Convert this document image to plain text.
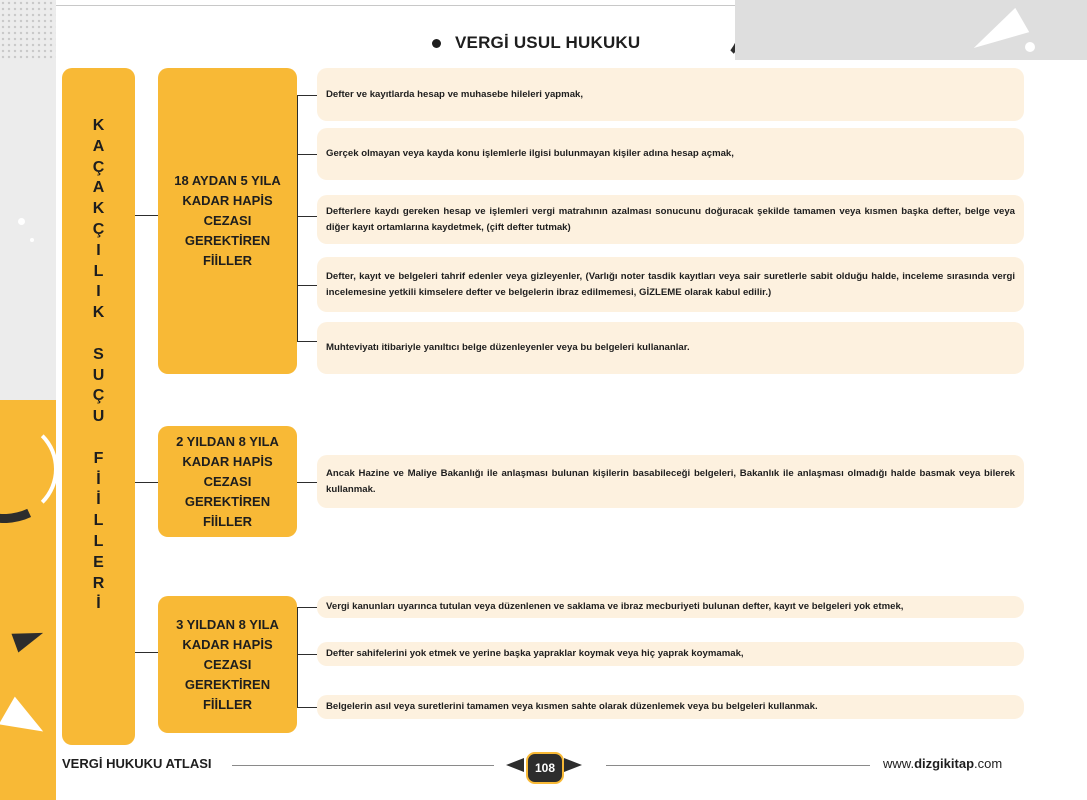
VERGİ USUL HUKUKU
K
A
Ç
A
K
Ç
I
L
I
K
S
U
Ç
U
F
İ
İ
L
L
E
R
İ
18 AYDAN 5 YILA KADAR HAPİS CEZASI GEREKTİREN FİİLLER
2 YILDAN 8 YILA KADAR HAPİS CEZASI GEREKTİREN FİİLLER
3 YILDAN 8 YILA KADAR HAPİS CEZASI GEREKTİREN FİİLLER
Defter ve kayıtlarda hesap ve muhasebe hileleri yapmak,
Gerçek olmayan veya kayda konu işlemlerle ilgisi bulunmayan kişiler adına hesap açmak,
Defterlere kaydı gereken hesap ve işlemleri vergi matrahının azalması sonucunu doğuracak şekilde tamamen veya kısmen başka defter, belge veya diğer kayıt ortamlarına kaydetmek, (çift defter tutmak)
Defter, kayıt ve belgeleri tahrif edenler veya gizleyenler, (Varlığı noter tasdik kayıtları veya sair suretlerle sabit olduğu halde, inceleme sırasında vergi incelemesine yetkili kimselere defter ve belgelerin ibraz edilmemesi, GİZLEME olarak kabul edilir.)
Muhteviyatı itibariyle yanıltıcı belge düzenleyenler veya bu belgeleri kullananlar.
Ancak Hazine ve Maliye Bakanlığı ile anlaşması bulunan kişilerin basabileceği belgeleri, Bakanlık ile anlaşması olmadığı halde basmak veya bilerek kullanmak.
Vergi kanunları uyarınca tutulan veya düzenlenen ve saklama ve ibraz mecburiyeti bulunan defter, kayıt ve belgeleri yok etmek,
Defter sahifelerini yok etmek ve yerine başka yapraklar koymak veya hiç yaprak koymamak,
Belgelerin asıl veya suretlerini tamamen veya kısmen sahte olarak düzenlemek veya bu belgeleri kullanmak.
VERGİ HUKUKU ATLASI	108	www.dizgikitap.com
